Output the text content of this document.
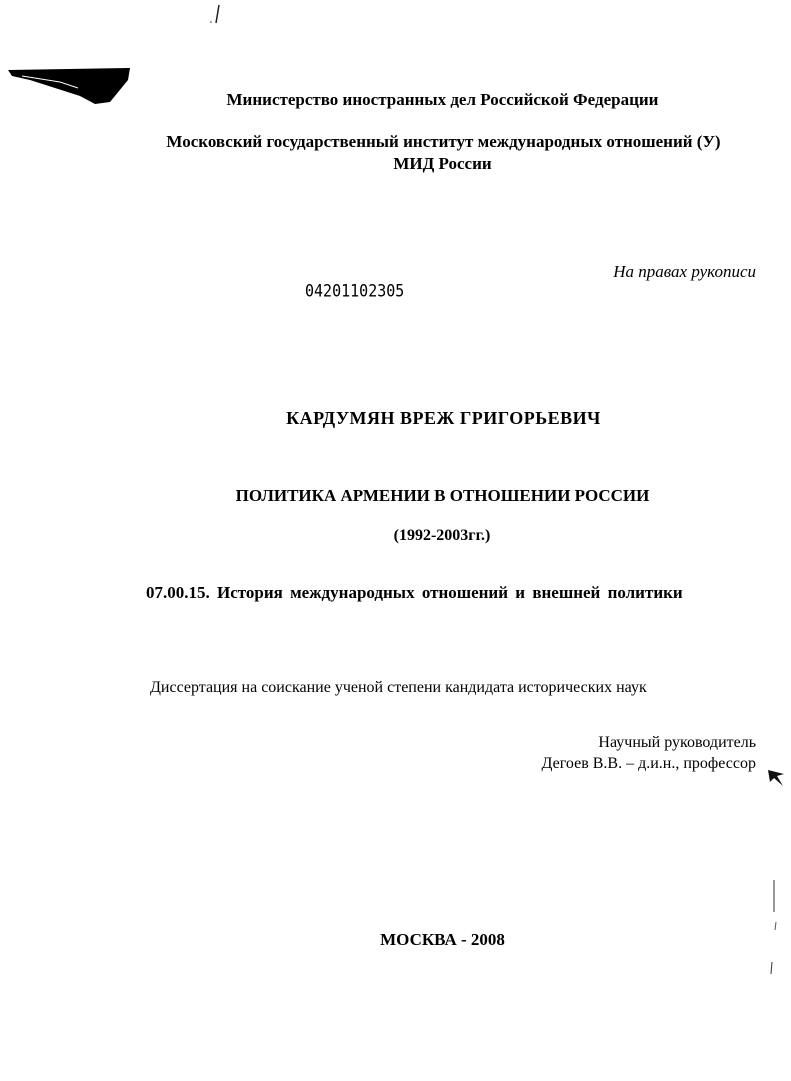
Министерство иностранных дел Российской Федерации
Московский государственный институт международных отношений (У)
МИД России
На правах рукописи
04201102305
КАРДУМЯН ВРЕЖ ГРИГОРЬЕВИЧ
ПОЛИТИКА АРМЕНИИ В ОТНОШЕНИИ РОССИИ
(1992-2003гг.)
07.00.15. История международных отношений и внешней политики
Диссертация на соискание ученой степени кандидата исторических наук
Научный руководитель
Дегоев В.В. – д.и.н., профессор
МОСКВА - 2008
